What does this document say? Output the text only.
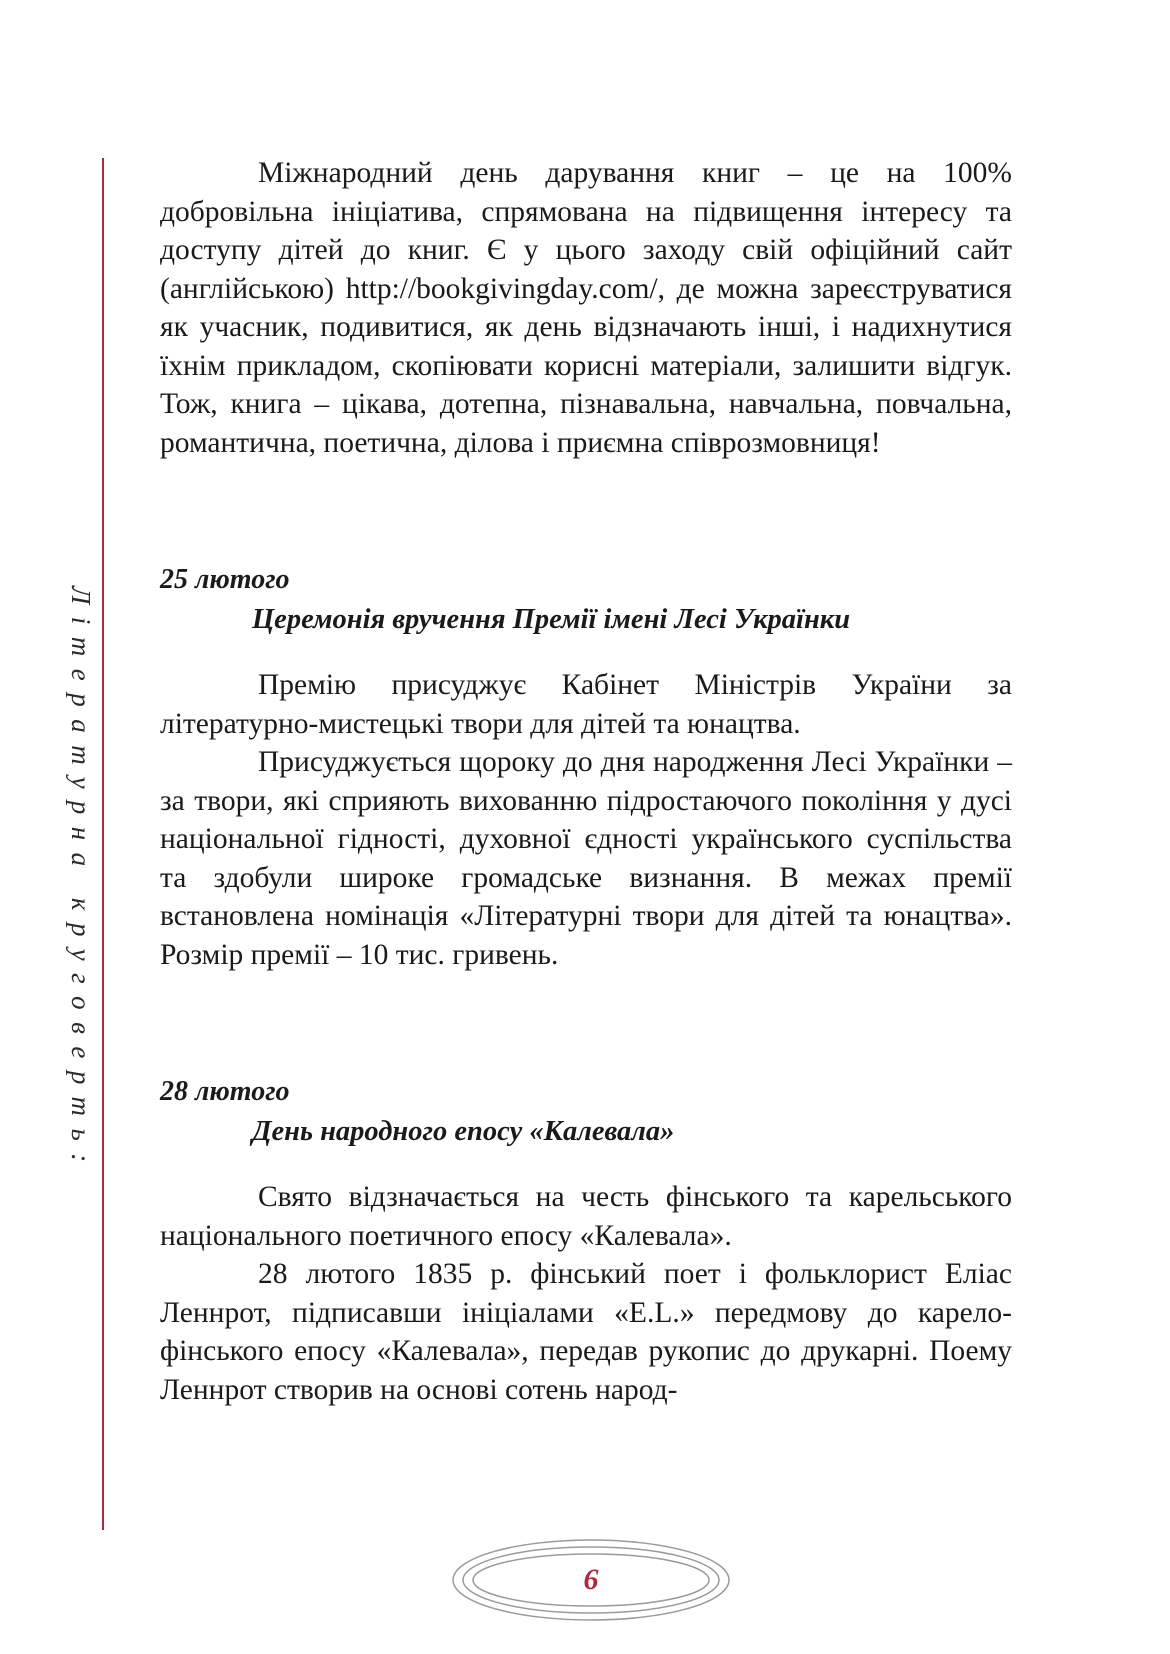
Літературна круговерть:

Міжнародний день дарування книг – це на 100% добровільна ініціатива, спрямована на підвищення інтересу та доступу дітей до книг. Є у цього заходу свій офіційний сайт (англійською) http://bookgivingday.com/, де можна зареєструватися як учасник, подивитися, як день відзначають інші, і надихнутися їхнім прикладом, скопіювати корисні матеріали, залишити відгук. Тож, книга – цікава, дотепна, пізнавальна, навчальна, повчальна, романтична, поетична, ділова і приємна співрозмовниця!

25 лютого

Церемонія вручення Премії імені Лесі Українки

Премію присуджує Кабінет Міністрів України за літературно-мистецькі твори для дітей та юнацтва.

Присуджується щороку до дня народження Лесі Українки – за твори, які сприяють вихованню підростаючого покоління у дусі національної гідності, духовної єдності українського суспільства та здобули широке громадське визнання. В межах премії встановлена номінація «Літературні твори для дітей та юнацтва». Розмір премії – 10 тис. гривень.

28 лютого

День народного епосу «Калевала»

Свято відзначається на честь фінського та карельського національного поетичного епосу «Калевала».

28 лютого 1835 р. фінський поет і фольклорист Еліас Леннрот, підписавши ініціалами «E.L.» передмову до карело-фінського епосу «Калевала», передав рукопис до друкарні. Поему Леннрот створив на основі сотень народ-

6
